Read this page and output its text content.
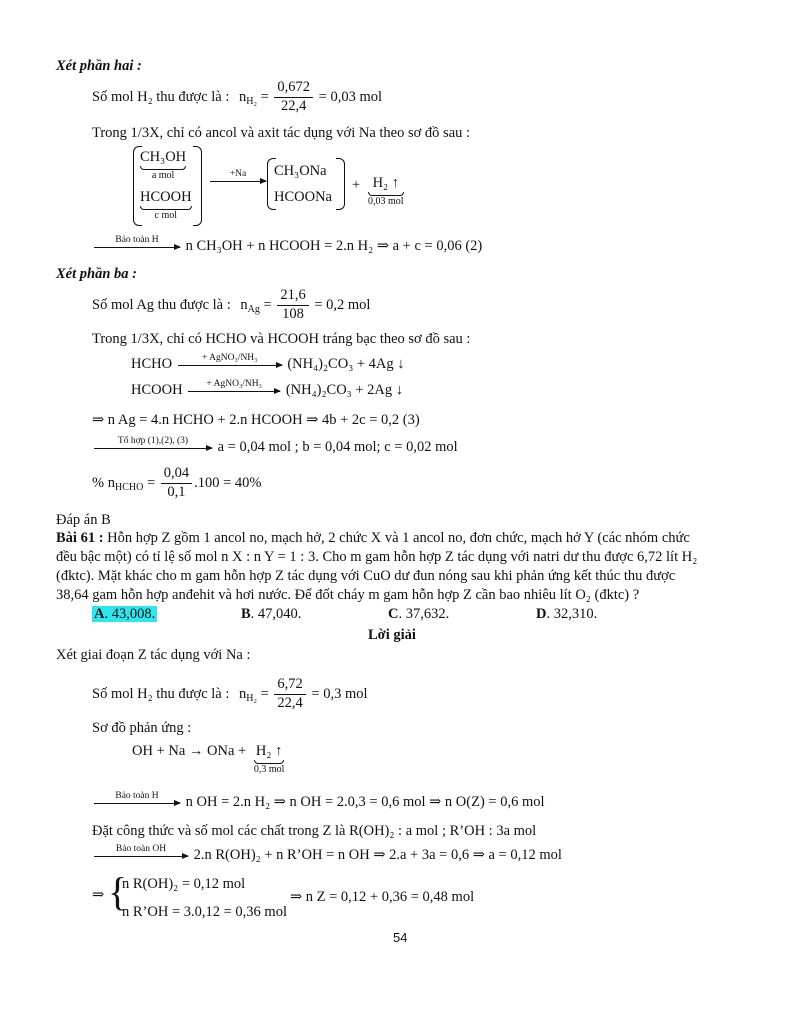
Xét phần hai :
Số mol H₂ thu được là : $n_{H_2} = \frac{0,672}{22,4} = 0,03$ mol
Trong 1/3X, chỉ có ancol và axit tác dụng với Na theo sơ đồ sau :
CH₃OH
a mol
HCOOH
c mol
+Na CH₃ONa
HCOONa
+ H₂ ↑
0,03 mol
Bảo toàn H n CH₃OH + n HCOOH = 2.n H₂ ⇒ a + c = 0,06 (2)
Xét phần ba :
Số mol Ag thu được là : $n_{Ag} = \frac{21,6}{108} = 0,2$ mol
Trong 1/3X, chỉ có HCHO và HCOOH tráng bạc theo sơ đồ sau :
HCHO	+ AgNO₃/NH₃ (NH₄)₂CO₃ + 4Ag ↓
HCOOH	+ AgNO₃/NH₃ (NH₄)₂CO₃ + 2Ag ↓
⇒ n Ag = 4.n HCHO + 2.n HCOOH ⇒ 4b + 2c = 0,2 (3)
Tổ hợp (1),(2), (3) a = 0,04 mol ; b = 0,04 mol; c = 0,02 mol
% $n_{HCHO} = \frac{0,04}{0,1} .100 = 40\%$
Đáp án B
Bài 61 : Hỗn hợp Z gồm 1 ancol no, mạch hở, 2 chức X và 1 ancol no, đơn chức, mạch hở Y (các nhóm chức
đều bậc một) có tỉ lệ số mol n X : n Y = 1 : 3. Cho m gam hỗn hợp Z tác dụng với natri dư thu được 6,72 lít H₂
(đktc). Mặt khác cho m gam hỗn hợp Z tác dụng với CuO dư đun nóng sau khi phản ứng kết thúc thu được
38,64 gam hỗn hợp anđehit và hơi nước. Để đốt cháy m gam hỗn hợp Z cần bao nhiêu lít O₂ (đktc) ?
A. 43,008.	B. 47,040.	C. 37,632.	D. 32,310.
Lời giải
Xét giai đoạn Z tác dụng với Na :
Số mol H₂ thu được là : $n_{H_2} = \frac{6,72}{22,4} = 0,3$ mol
Sơ đồ phản ứng :
OH + Na → ONa + H₂ ↑
0,3 mol
Bảo toàn H n OH = 2.n H₂ ⇒ n OH = 2.0,3 = 0,6 mol ⇒ n O(Z) = 0,6 mol
Đặt công thức và số mol các chất trong Z là R(OH)₂ : a mol ; R’OH : 3a mol
Bảo toàn OH 2.n R(OH)₂ + n R’OH = n OH ⇒ 2.a + 3a = 0,6 ⇒ a = 0,12 mol
⇒ {
n R(OH)₂ = 0,12 mol
n R’OH = 3.0,12 = 0,36 mol
⇒ n Z = 0,12 + 0,36 = 0,48 mol
54
